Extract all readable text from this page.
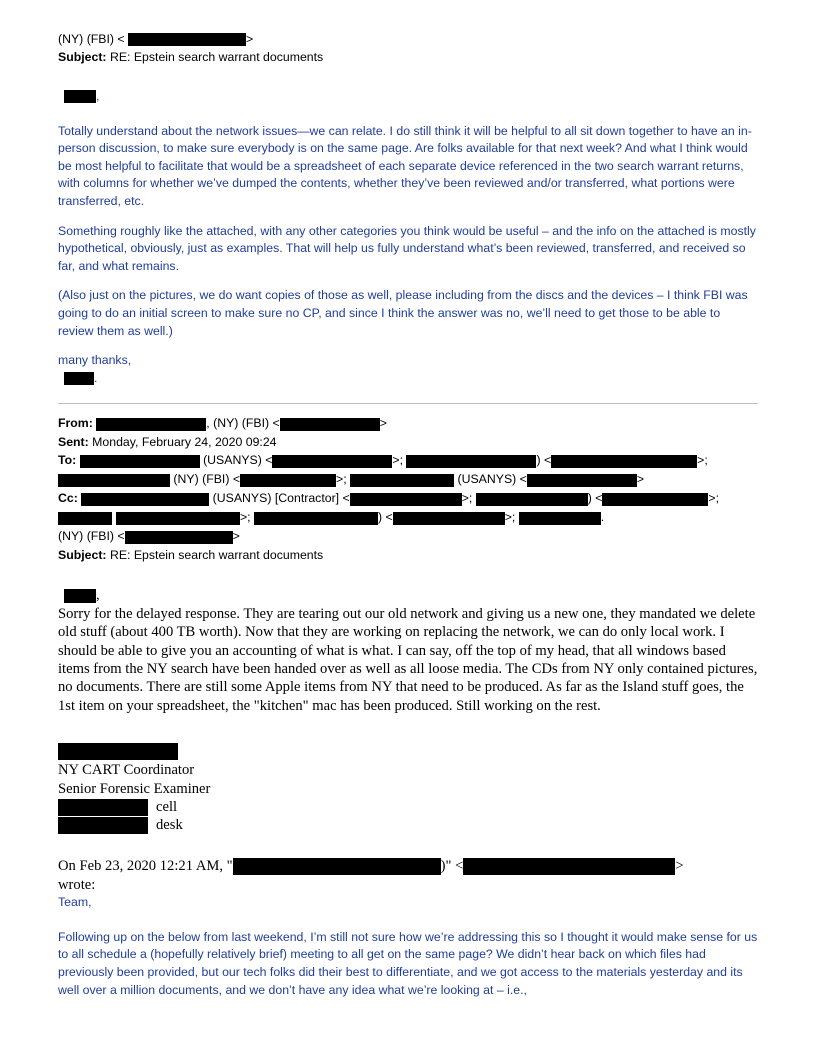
(NY) (FBI) <	>
Subject: RE: Epstein search warrant documents
,

Totally understand about the network issues—we can relate. I do still think it will be helpful to all sit down together to have an in-person discussion, to make sure everybody is on the same page. Are folks available for that next week? And what I think would be most helpful to facilitate that would be a spreadsheet of each separate device referenced in the two search warrant returns, with columns for whether we’ve dumped the contents, whether they’ve been reviewed and/or transferred, what portions were transferred, etc.

Something roughly like the attached, with any other categories you think would be useful – and the info on the attached is mostly hypothetical, obviously, just as examples. That will help us fully understand what’s been reviewed, transferred, and received so far, and what remains.

(Also just on the pictures, we do want copies of those as well, please including from the discs and the devices – I think FBI was going to do an initial screen to make sure no CP, and since I think the answer was no, we’ll need to get those to be able to review them as well.)

many thanks,

.
From:	, (NY) (FBI) <	>
Sent: Monday, February 24, 2020 09:24
To:	(USANYS) <	>;	) <	>;
(NY) (FBI) <	>;	(USANYS) <	>
Cc:	(USANYS) [Contractor] <	>;	) <	>;
>;	) <	>;	.
(NY) (FBI) <	>
Subject: RE: Epstein search warrant documents
,

Sorry for the delayed response. They are tearing out our old network and giving us a new one, they mandated we delete old stuff (about 400 TB worth). Now that they are working on replacing the network, we can do only local work. I should be able to give you an accounting of what is what. I can say, off the top of my head, that all windows based items from the NY search have been handed over as well as all loose media. The CDs from NY only contained pictures, no documents. There are still some Apple items from NY that need to be produced. As far as the Island stuff goes, the 1st item on your spreadsheet, the "kitchen" mac has been produced. Still working on the rest.

NY CART Coordinator
Senior Forensic Examiner
cell
desk
On Feb 23, 2020 12:21 AM, "	)" <	>
wrote:
Team,

Following up on the below from last weekend, I’m still not sure how we’re addressing this so I thought it would make sense for us to all schedule a (hopefully relatively brief) meeting to all get on the same page? We didn’t hear back on which files had previously been provided, but our tech folks did their best to differentiate, and we got access to the materials yesterday and its well over a million documents, and we don’t have any idea what we’re looking at – i.e.,
